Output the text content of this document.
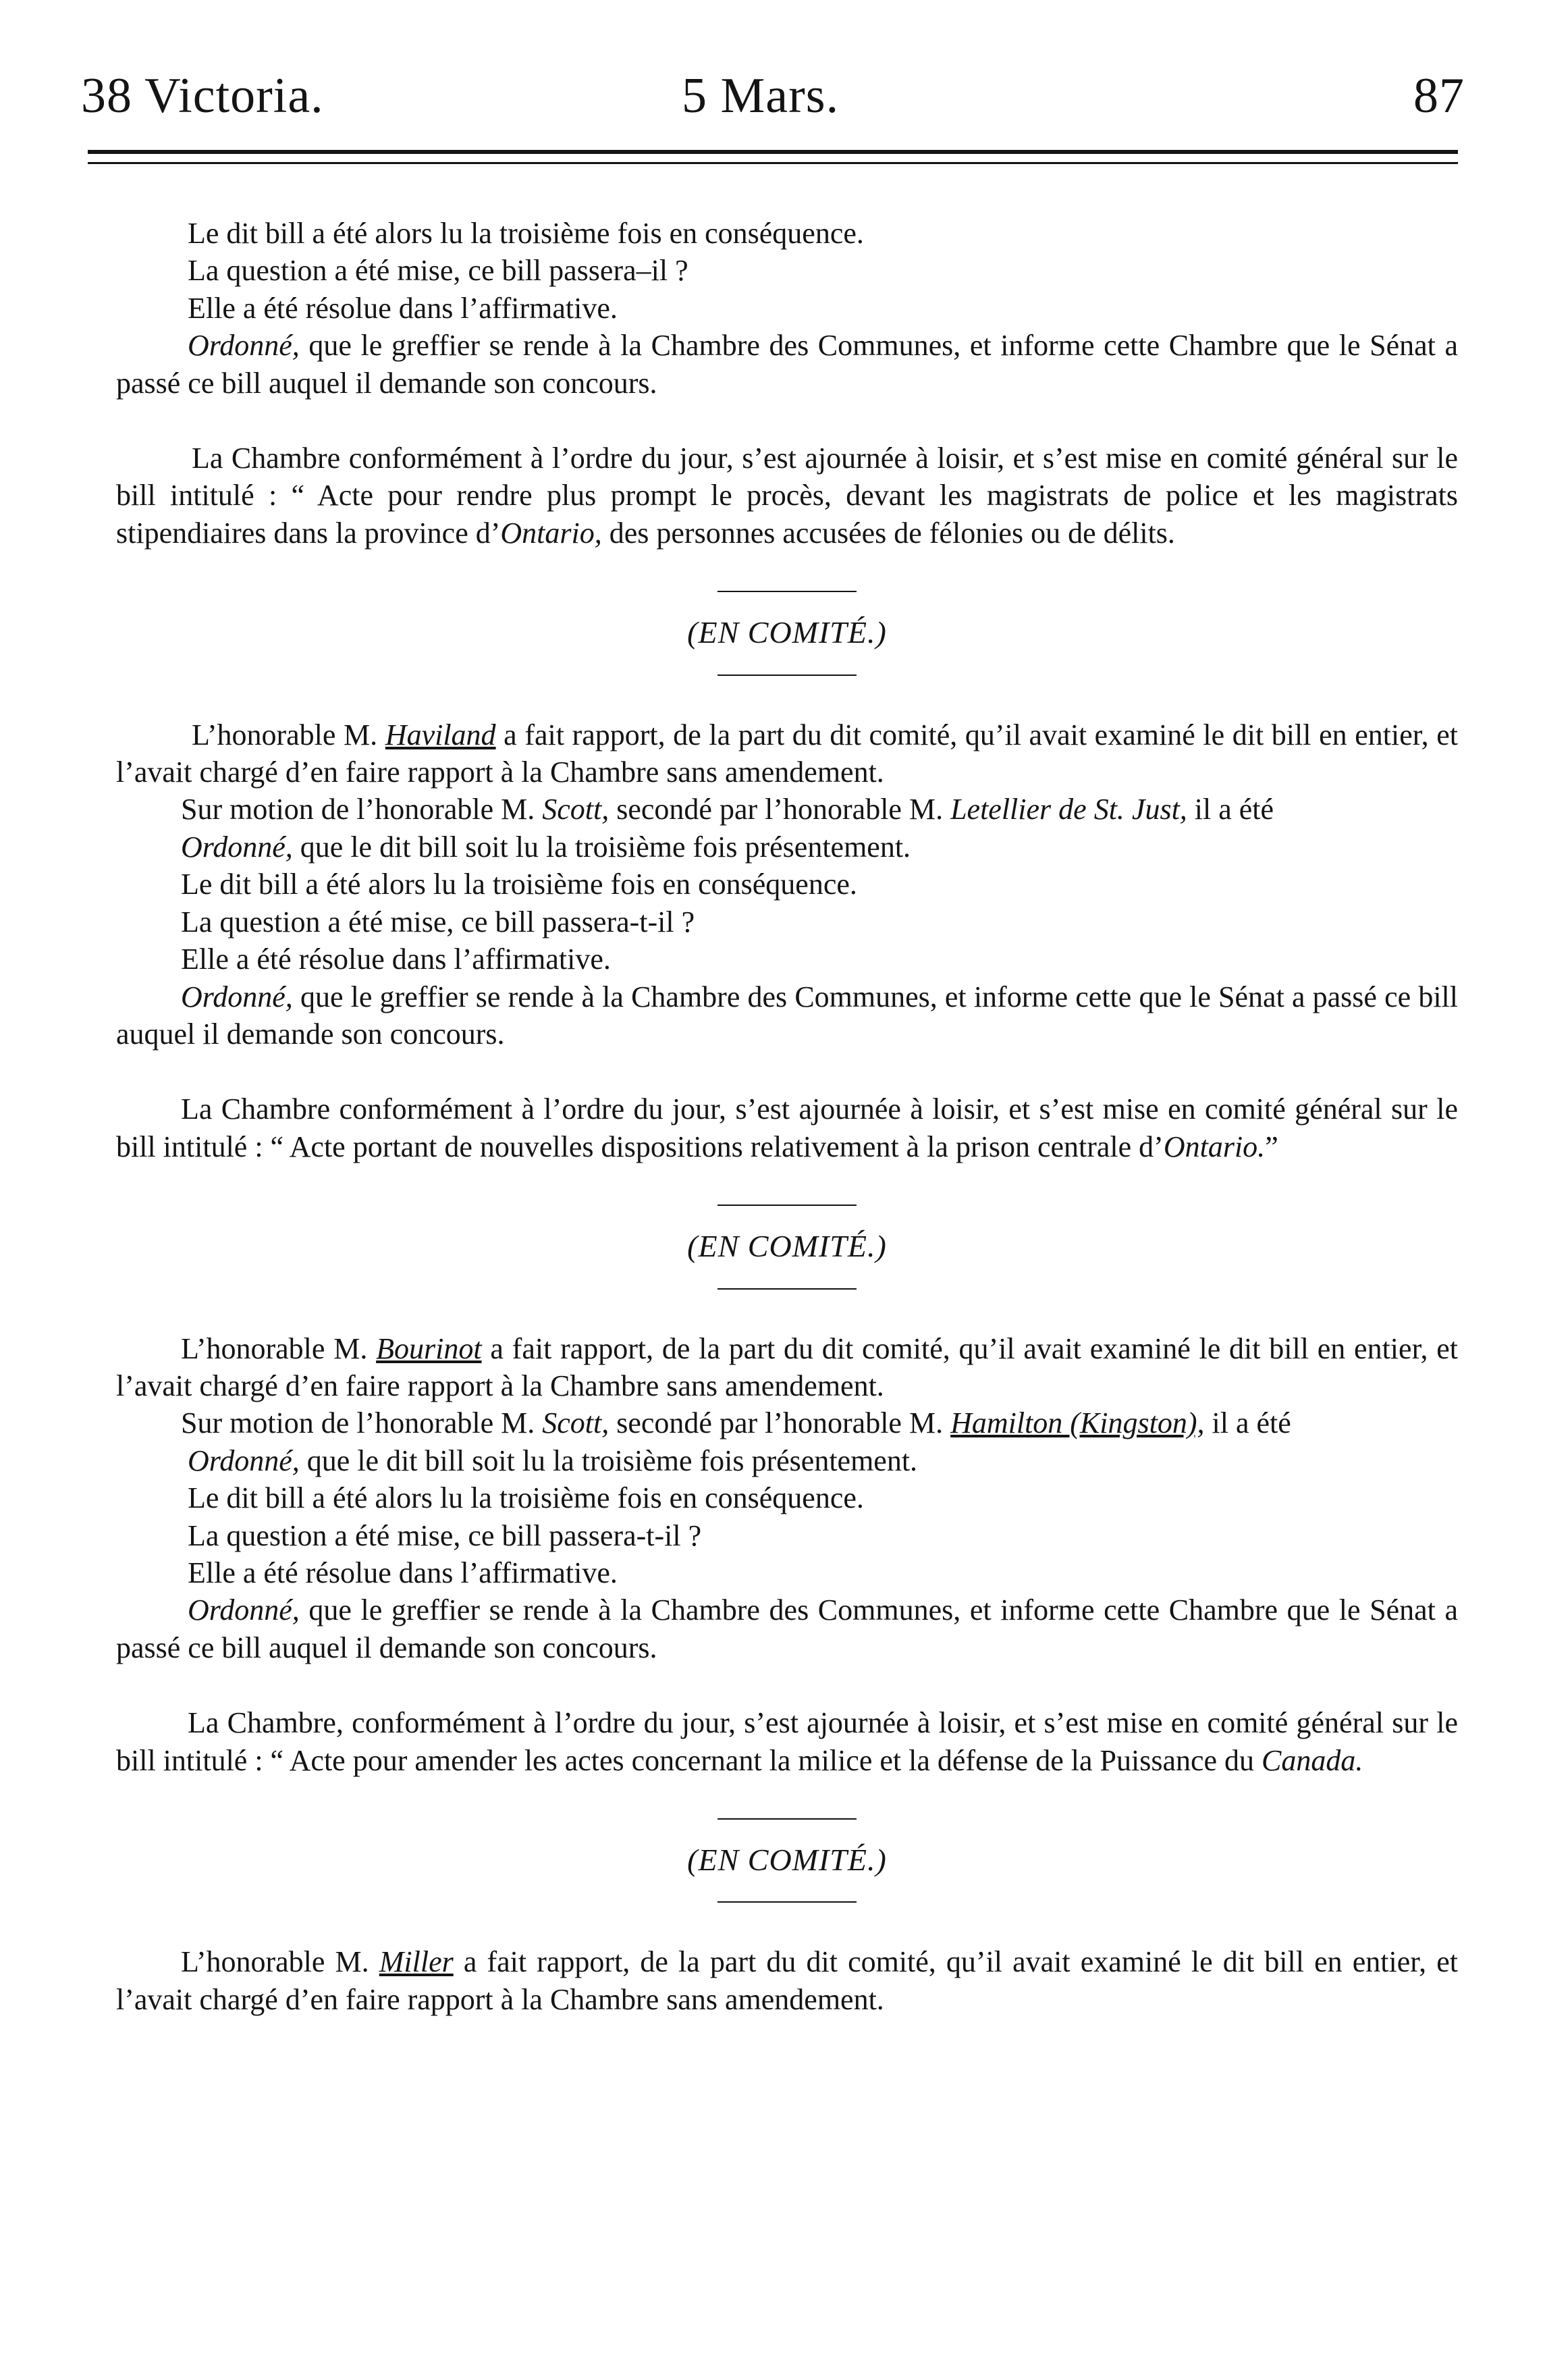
38 Victoria.	5 Mars.	87

Le dit bill a été alors lu la troisième fois en conséquence.

La question a été mise, ce bill passera–il ?

Elle a été résolue dans l’affirmative.

Ordonné, que le greffier se rende à la Chambre des Communes, et informe cette Chambre que le Sénat a passé ce bill auquel il demande son concours.

La Chambre conformément à l’ordre du jour, s’est ajournée à loisir, et s’est mise en comité général sur le bill intitulé : “ Acte pour rendre plus prompt le procès, devant les magistrats de police et les magistrats stipendiaires dans la province d’Ontario, des personnes accusées de félonies ou de délits.

(EN COMITÉ.)

L’honorable M. Haviland a fait rapport, de la part du dit comité, qu’il avait examiné le dit bill en entier, et l’avait chargé d’en faire rapport à la Chambre sans amendement.

Sur motion de l’honorable M. Scott, secondé par l’honorable M. Letellier de St. Just, il a été

Ordonné, que le dit bill soit lu la troisième fois présentement.

Le dit bill a été alors lu la troisième fois en conséquence.

La question a été mise, ce bill passera-t-il ?

Elle a été résolue dans l’affirmative.

Ordonné, que le greffier se rende à la Chambre des Communes, et informe cette que le Sénat a passé ce bill auquel il demande son concours.

La Chambre conformément à l’ordre du jour, s’est ajournée à loisir, et s’est mise en comité général sur le bill intitulé : “ Acte portant de nouvelles dispositions relativement à la prison centrale d’Ontario.”

(EN COMITÉ.)

L’honorable M. Bourinot a fait rapport, de la part du dit comité, qu’il avait examiné le dit bill en entier, et l’avait chargé d’en faire rapport à la Chambre sans amendement.

Sur motion de l’honorable M. Scott, secondé par l’honorable M. Hamilton (Kingston), il a été

Ordonné, que le dit bill soit lu la troisième fois présentement.

Le dit bill a été alors lu la troisième fois en conséquence.

La question a été mise, ce bill passera-t-il ?

Elle a été résolue dans l’affirmative.

Ordonné, que le greffier se rende à la Chambre des Communes, et informe cette Chambre que le Sénat a passé ce bill auquel il demande son concours.

La Chambre, conformément à l’ordre du jour, s’est ajournée à loisir, et s’est mise en comité général sur le bill intitulé : “ Acte pour amender les actes concernant la milice et la défense de la Puissance du Canada.

(EN COMITÉ.)

L’honorable M. Miller a fait rapport, de la part du dit comité, qu’il avait examiné le dit bill en entier, et l’avait chargé d’en faire rapport à la Chambre sans amendement.
